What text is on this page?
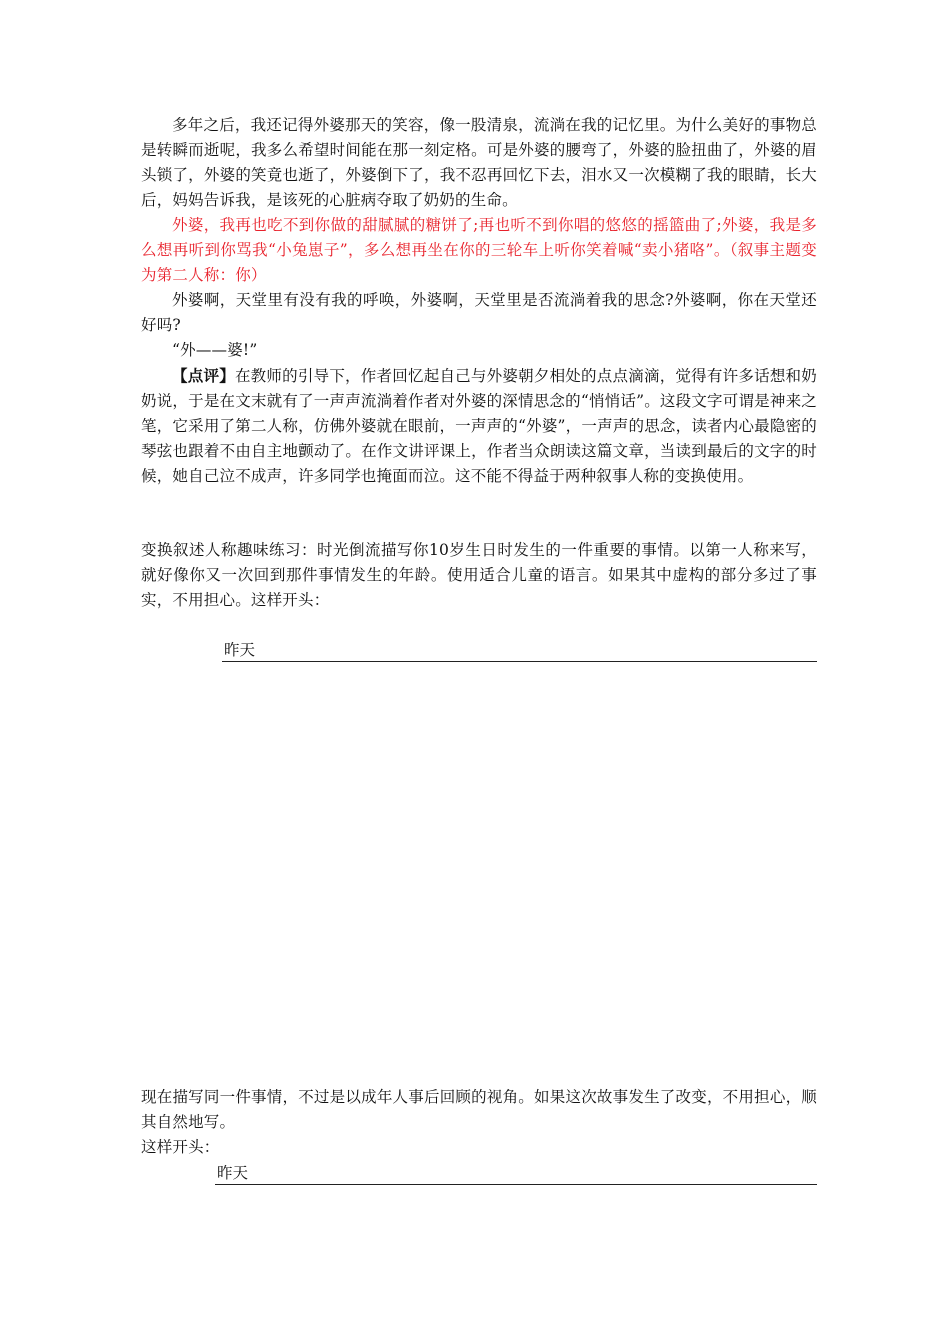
多年之后，我还记得外婆那天的笑容，像一股清泉，流淌在我的记忆里。为什么美好的事物总是转瞬而逝呢，我多么希望时间能在那一刻定格。可是外婆的腰弯了，外婆的脸扭曲了，外婆的眉头锁了，外婆的笑竟也逝了，外婆倒下了，我不忍再回忆下去，泪水又一次模糊了我的眼睛，长大后，妈妈告诉我，是该死的心脏病夺取了奶奶的生命。

外婆，我再也吃不到你做的甜腻腻的糖饼了;再也听不到你唱的悠悠的摇篮曲了;外婆，我是多么想再听到你骂我“小兔崽子”，多么想再坐在你的三轮车上听你笑着喊“卖小猪咯”。（叙事主题变为第二人称：你）

外婆啊，天堂里有没有我的呼唤，外婆啊，天堂里是否流淌着我的思念?外婆啊，你在天堂还好吗?

“外——婆!”

【点评】在教师的引导下，作者回忆起自己与外婆朝夕相处的点点滴滴，觉得有许多话想和奶奶说，于是在文末就有了一声声流淌着作者对外婆的深情思念的“悄悄话”。这段文字可谓是神来之笔，它采用了第二人称，仿佛外婆就在眼前，一声声的“外婆”，一声声的思念，读者内心最隐密的琴弦也跟着不由自主地颤动了。在作文讲评课上，作者当众朗读这篇文章，当读到最后的文字的时候，她自己泣不成声，许多同学也掩面而泣。这不能不得益于两种叙事人称的变换使用。

变换叙述人称趣味练习：时光倒流描写你10岁生日时发生的一件重要的事情。以第一人称来写，就好像你又一次回到那件事情发生的年龄。使用适合儿童的语言。如果其中虚构的部分多过了事实，不用担心。这样开头：

昨天

现在描写同一件事情，不过是以成年人事后回顾的视角。如果这次故事发生了改变，不用担心，顺其自然地写。

这样开头：

昨天
